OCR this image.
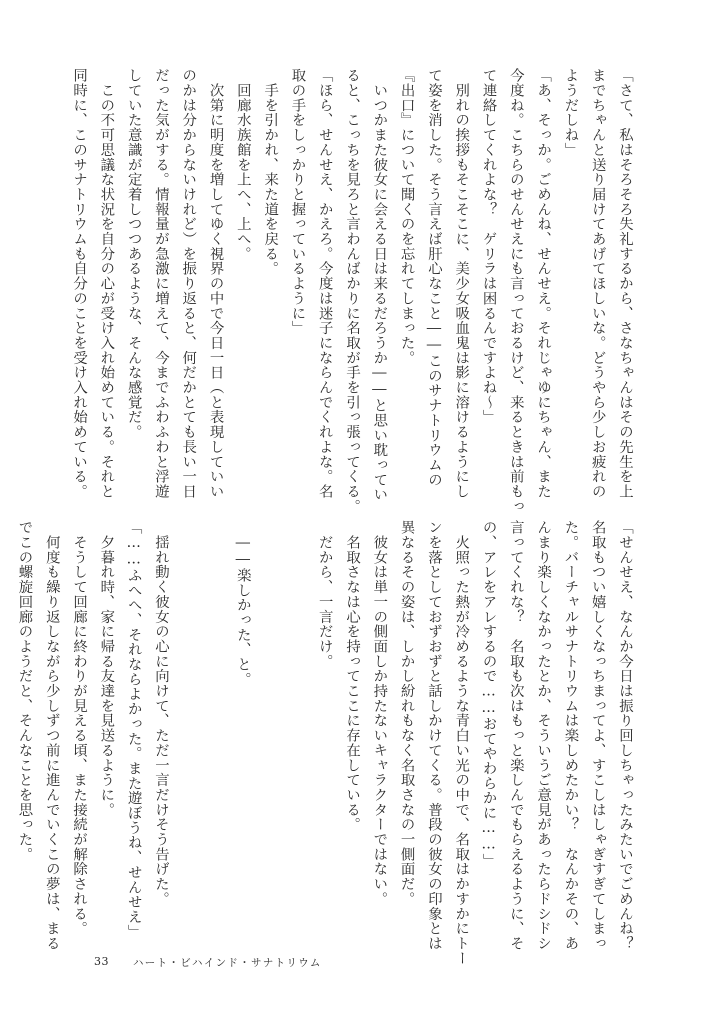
「さて、私はそろそろ失礼するから、さなちゃんはその先生を上
までちゃんと送り届けてあげてほしいな。どうやら少しお疲れの
ようだしね」
「あ、そっか。ごめんね、せんせえ。それじゃゆにちゃん、また
今度ね。こちらのせんせえにも言っておるけど、来るときは前もっ
て連絡してくれよな？　ゲリラは困るんですよね〜」
　別れの挨拶もそこそこに、美少女吸血鬼は影に溶けるようにし
て姿を消した。そう言えば肝心なこと――このサナトリウムの
『出口』について聞くのを忘れてしまった。
　いつかまた彼女に会える日は来るだろうか――と思い耽ってい
ると、こっちを見ろと言わんばかりに名取が手を引っ張ってくる。
「ほら、せんせえ、かえろ。今度は迷子にならんでくれよな。名
取の手をしっかりと握っているように」
　手を引かれ、来た道を戻る。
　回廊水族館を上へ、上へ。
　次第に明度を増してゆく視界の中で今日一日（と表現していい
のかは分からないけれど）を振り返ると、何だかとても長い一日
だった気がする。情報量が急激に増えて、今までふわふわと浮遊
していた意識が定着しつつあるような、そんな感覚だ。
　この不可思議な状況を自分の心が受け入れ始めている。それと
同時に、このサナトリウムも自分のことを受け入れ始めている。
「せんせえ、なんか今日は振り回しちゃったみたいでごめんね？
名取もつい嬉しくなっちまってよ、すこしはしゃぎすぎてしまっ
た。バーチャルサナトリウムは楽しめたかい？　なんかその、あ
んまり楽しくなかったとか、そういうご意見があったらドシドシ
言ってくれな？　名取も次はもっと楽しんでもらえるように、そ
の、アレをアレするので……おてやわらかに……」
　火照った熱が冷めるような青白い光の中で、名取はかすかにトー
ンを落としておずおずと話しかけてくる。普段の彼女の印象とは
異なるその姿は、しかし紛れもなく名取さなの一側面だ。
　彼女は単一の側面しか持たないキャラクターではない。
　名取さなは心を持ってここに存在している。
　だから、一言だけ。

　――楽しかった、と。

　揺れ動く彼女の心に向けて、ただ一言だけそう告げた。
「……ふへへ、それならよかった。また遊ぼうね、せんせえ」
　夕暮れ時、家に帰る友達を見送るように。
　そうして回廊に終わりが見える頃、また接続が解除される。
　何度も繰り返しながら少しずつ前に進んでいくこの夢は、まる
でこの螺旋回廊のようだと、そんなことを思った。
33 ハート・ビハインド・サナトリウム
